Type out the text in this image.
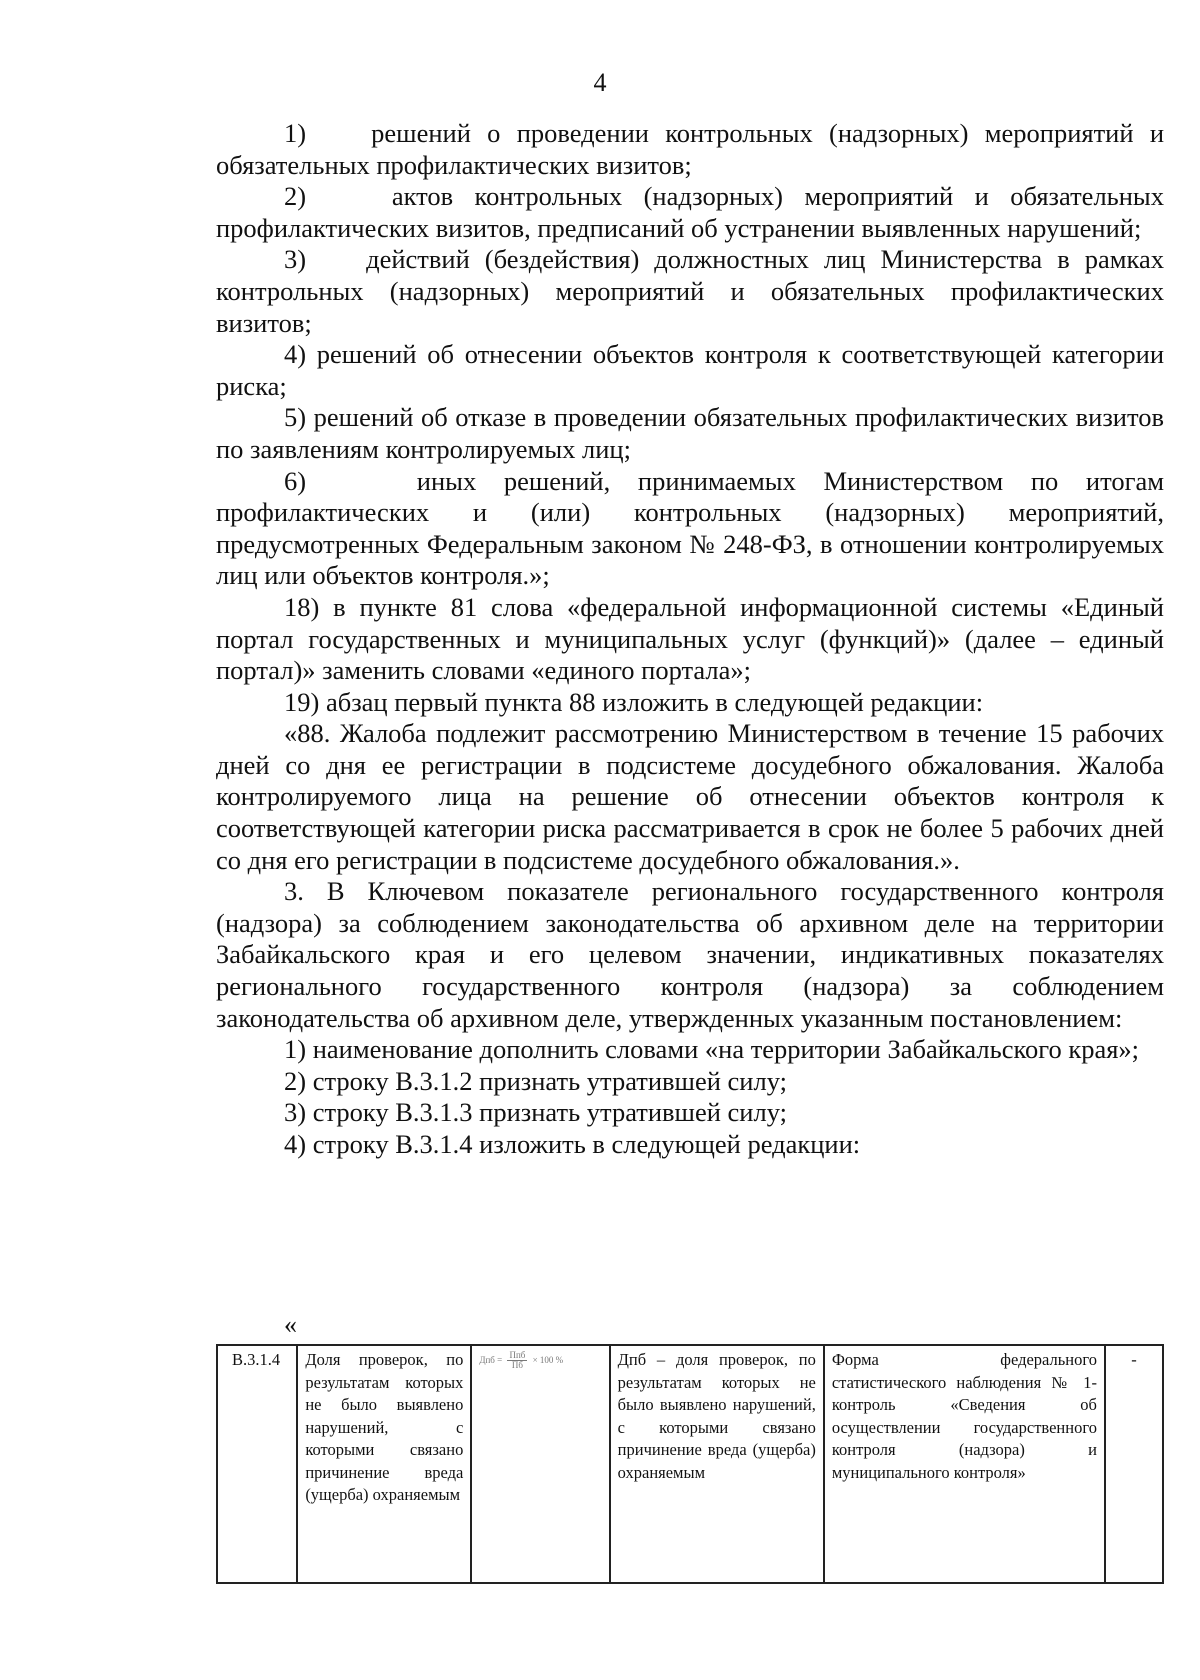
4

1)    решений о проведении контрольных (надзорных) мероприятий и обязательных профилактических визитов;

2)    актов контрольных (надзорных) мероприятий и обязательных профилактических визитов, предписаний об устранении выявленных нарушений;

3)    действий (бездействия) должностных лиц Министерства в рамках контрольных (надзорных) мероприятий и обязательных профилактических визитов;

4) решений об отнесении объектов контроля к соответствующей категории риска;

5) решений об отказе в проведении обязательных профилактических визитов по заявлениям контролируемых лиц;

6)    иных решений, принимаемых Министерством по итогам профилактических и (или) контрольных (надзорных) мероприятий, предусмотренных Федеральным законом № 248-ФЗ, в отношении контролируемых лиц или объектов контроля.»;

18) в пункте 81 слова «федеральной информационной системы «Единый портал государственных и муниципальных услуг (функций)» (далее – единый портал)» заменить словами «единого портала»;

19) абзац первый пункта 88 изложить в следующей редакции:

«88. Жалоба подлежит рассмотрению Министерством в течение 15 рабочих дней со дня ее регистрации в подсистеме досудебного обжалования. Жалоба контролируемого лица на решение об отнесении объектов контроля к соответствующей категории риска рассматривается в срок не более 5 рабочих дней со дня его регистрации в подсистеме досудебного обжалования.».

3. В Ключевом показателе регионального государственного контроля (надзора) за соблюдением законодательства об архивном деле на территории Забайкальского края и его целевом значении, индикативных показателях регионального государственного контроля (надзора) за соблюдением законодательства об архивном деле, утвержденных указанным постановлением:

1) наименование дополнить словами «на территории Забайкальского края»;

2) строку В.3.1.2 признать утратившей силу;

3) строку В.3.1.3 признать утратившей силу;

4) строку В.3.1.4 изложить в следующей редакции:

«
В.3.1.4	Доля проверок, по результатам которых не было выявлено нарушений, с которыми связано причинение вреда (ущерба) охраняемым	Дпб = $\frac{\text{Ппб}}{Пб} \times 100$ %	Дпб – доля проверок, по результатам которых не было выявлено нарушений, с которыми связано причинение вреда (ущерба) охраняемым	Форма федерального статистического наблюдения № 1-контроль «Сведения об осуществлении государственного контроля (надзора) и муниципального контроля»	-
